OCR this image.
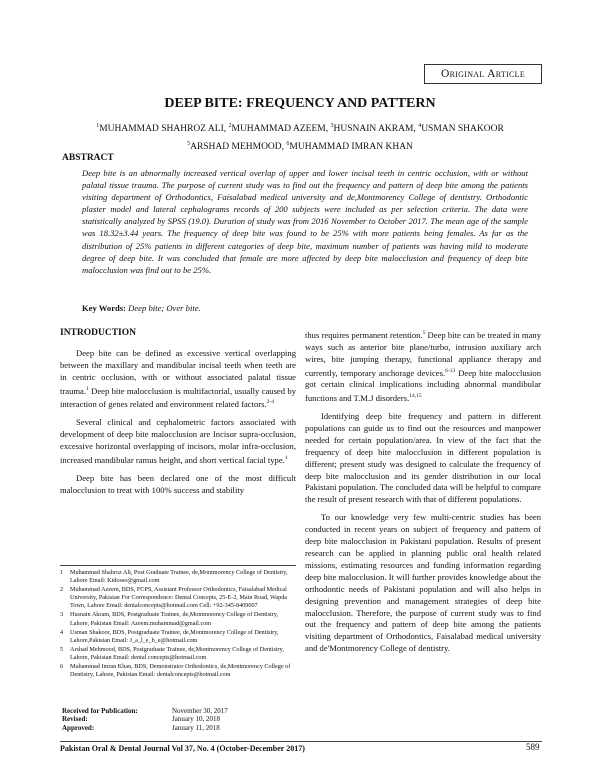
Original Article
DEEP BITE: FREQUENCY AND PATTERN
$^1$MUHAMMAD SHAHROZ ALI, $^2$MUHAMMAD AZEEM, $^3$HUSNAIN AKRAM, $^4$USMAN SHAKOOR
$^5$ARSHAD MEHMOOD, $^6$MUHAMMAD IMRAN KHAN
ABSTRACT
Deep bite is an abnormally increased vertical overlap of upper and lower incisal teeth in centric occlusion, with or without palatal tissue trauma. The purpose of current study was to find out the frequency and pattern of deep bite among the patients visiting department of Orthodontics, Faisalabad medical university and de,Montmorency College of dentistry. Orthodontic plaster model and lateral cephalograms records of 200 subjects were included as per selection criteria. The data were statistically analyzed by SPSS (19.0). Duration of study was from 2016 November to October 2017. The mean age of the sample was 18.32±3.44 years. The frequency of deep bite was found to be 25% with more patients being females. As far as the distribution of 25% patients in different categories of deep bite, maximum number of patients was having mild to moderate degree of deep bite. It was concluded that female are more affected by deep bite malocclusion and frequency of deep bite malocclusion was find out to be 25%.
Key Words: Deep bite; Over bite.
INTRODUCTION

Deep bite can be defined as excessive vertical overlapping between the maxillary and mandibular incisal teeth when teeth are in centric occlusion, with or without associated palatal tissue trauma.$^1$ Deep bite malocclusion is multifactorial, usually caused by interaction of genes related and environment related factors.$^{2-4}$

Several clinical and cephalometric factors associated with development of deep bite malocclusion are Incisor supra-occlusion, excessive horizontal overlapping of incisors, molar infra-occlusion, increased mandibular ramus height, and short vertical facial type.$^1$

Deep bite has been declared one of the most difficult malocclusion to treat with 100% success and stability

thus requires permanent retention.$^5$ Deep bite can be treated in many ways such as anterior bite plane/turbo, intrusion auxiliary arch wires, bite jumping therapy, functional appliance therapy and currently, temporary anchorage devices.$^{6-13}$ Deep bite malocclusion got certain clinical implications including abnormal mandibular functions and T.M.J disorders.$^{14,15}$

Identifying deep bite frequency and pattern in different populations can guide us to find out the resources and manpower needed for certain population/area. In view of the fact that the frequency of deep bite malocclusion in different population is different; present study was designed to calculate the frequency of deep bite malocclusion and its gender distribution in our local Pakistani population. The concluded data will be helpful to compare the result of present research with that of different populations.

To our knowledge very few multi-centric studies has been conducted in recent years on subject of frequency and pattern of deep bite malocclusion in Pakistani population. Results of present research can be applied in planning public oral health related missions, estimating resources and funding information regarding deep bite malocclusion. It will further provides knowledge about the orthodontic needs of Pakistani population and will also helps in designing prevention and management strategies of deep bite malocclusion. Therefore, the purpose of current study was to find out the frequency and pattern of deep bite among the patients visiting department of Orthodontics, Faisalabad medical university and de'Montmorency College of dentistry.

1	Muhammad Shahroz Ali, Post Graduate Trainee, de,Montmorency College of Dentistry, Lahore Email: Kidosso@gmail.com
2	Muhammad Azeem, BDS, FCPS, Assistant Professor Orthodontics, Faisalabad Medical University, Pakistan For Correspondence: Dental Concepts, 25-E-2, Main Road, Wapda Town, Lahore Email: dentalconcepts@hotmail.com Cell: +92-345-8409007
3	Husnain Akram, BDS, Postgraduate Trainee, de,Montmorency College of Dentistry, Lahore, Pakistan Email: Azeem.muhammad@gmail.com
4	Usman Shakoor, BDS, Postgraduate Trainee, de,Montmorency College of Dentistry, Lahore,Pakistan Email: J_a_l_e_b_e@hotmail.com
5	Arshad Mehmood, BDS, Postgraduate Trainee, de,Montmorency College of Dentistry, Lahore, Pakistan Email: dental concepts@hotmail.com
6	Muhammad Imran Khan, BDS, Demonstrator Orthodontics, de,Montmorency College of Dentistry, Lahore, Pakistan Email: dentalconcepts@hotmail.com
Received for Publication:	November 30, 2017
Revised:	January 10, 2018
Approved:	January 11, 2018
Pakistan Oral & Dental Journal Vol 37, No. 4 (October-December 2017)	589
